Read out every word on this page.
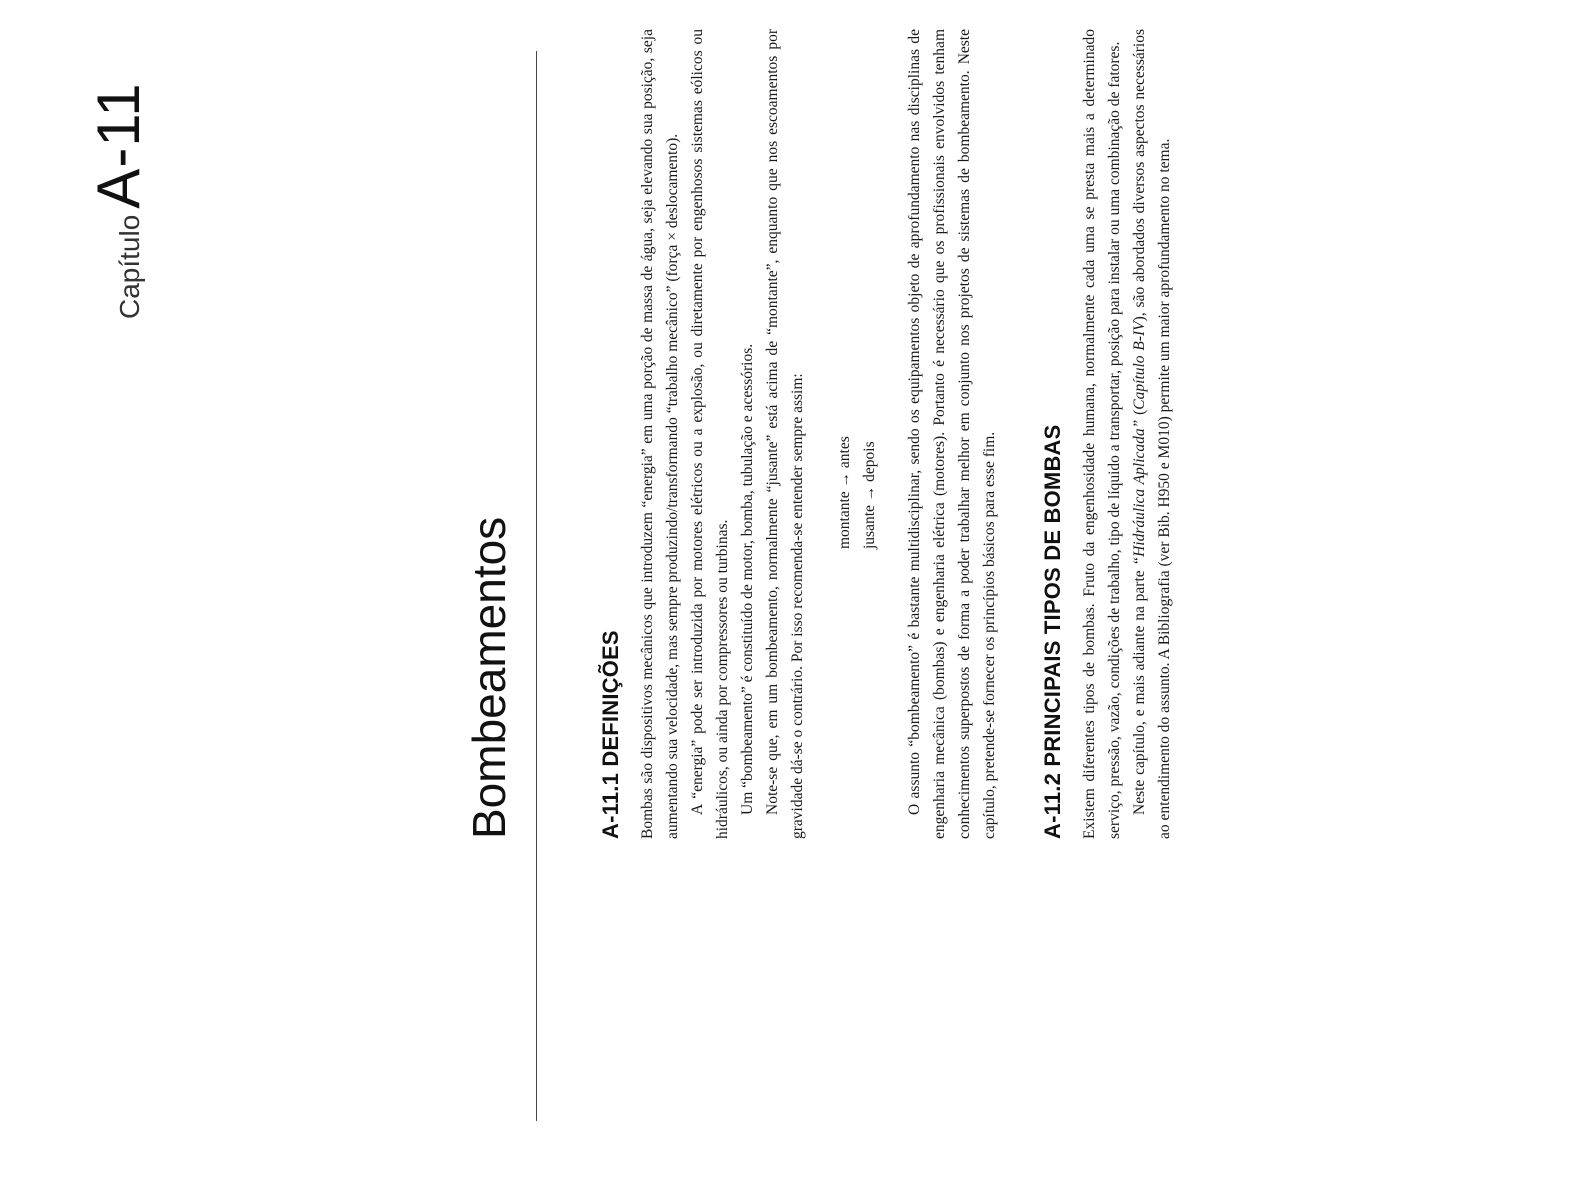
CapítuloA-11
Bombeamentos	A-11.1 DEFINIÇÕES Bombas são dispositivos mecânicos que introduzem “energia” em uma porção de massa de água, seja elevando sua posição, seja aumentando sua velocidade, mas sempre produzindo/transformando “trabalho mecânico” (força × deslocamento). A “energia” pode ser introduzida por motores elétricos ou a explosão, ou diretamente por engenhosos sistemas eólicos ou hidráulicos, ou ainda por compressores ou turbinas. Um “bombeamento” é constituído de motor, bomba, tubulação e acessórios. Note-se que, em um bombeamento, normalmente “jusante” está acima de “montante”, enquanto que nos escoamentos por gravidade dá-se o contrário. Por isso recomenda-se entender sempre assim: montante → antes jusante → depois O assunto “bombeamento” é bastante multidisciplinar, sendo os equipamentos objeto de aprofundamento nas disciplinas de engenharia mecânica (bombas) e engenharia elétrica (motores). Portanto é necessário que os profissionais envolvidos tenham conhecimentos superpostos de forma a poder trabalhar melhor em conjunto nos projetos de sistemas de bombeamento. Neste capítulo, pretende-se fornecer os princípios básicos para esse fim. A-11.2 PRINCIPAIS TIPOS DE BOMBAS Existem diferentes tipos de bombas. Fruto da engenhosidade humana, normalmente cada uma se presta mais a determinado serviço, pressão, vazão, condições de trabalho, tipo de líquido a transportar, posição para instalar ou uma combinação de fatores. Neste capítulo, e mais adiante na parte “Hidráulica Aplicada” (Capítulo B-IV), são abordados diversos aspectos necessários ao entendimento do assunto. A Bibliografia (ver Bib. H950 e M010) permite um maior aprofundamento no tema.
